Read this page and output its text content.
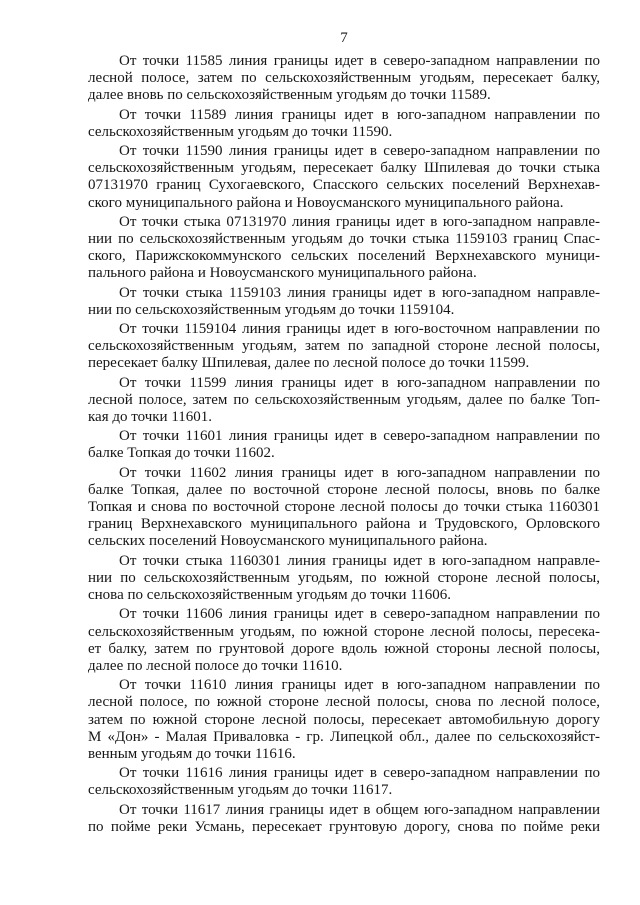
7
От точки 11585 линия границы идет в северо-западном направлении по
лесной полосе, затем по сельскохозяйственным угодьям, пересекает балку,
далее вновь по сельскохозяйственным угодьям до точки 11589.
От точки 11589 линия границы идет в юго-западном направлении по
сельскохозяйственным угодьям до точки 11590.
От точки 11590 линия границы идет в северо-западном направлении по
сельскохозяйственным угодьям, пересекает балку Шпилевая до точки стыка
07131970 границ Сухогаевского, Спасского сельских поселений Верхнехав-
ского муниципального района и Новоусманского муниципального района.
От точки стыка 07131970 линия границы идет в юго-западном направле-
нии по сельскохозяйственным угодьям до точки стыка 1159103 границ Спас-
ского, Парижскокоммунского сельских поселений Верхнехавского муници-
пального района и Новоусманского муниципального района.
От точки стыка 1159103 линия границы идет в юго-западном направле-
нии по сельскохозяйственным угодьям до точки 1159104.
От точки 1159104 линия границы идет в юго-восточном направлении по
сельскохозяйственным угодьям, затем по западной стороне лесной полосы,
пересекает балку Шпилевая, далее по лесной полосе до точки 11599.
От точки 11599 линия границы идет в юго-западном направлении по
лесной полосе, затем по сельскохозяйственным угодьям, далее по балке Топ-
кая до точки 11601.
От точки 11601 линия границы идет в северо-западном направлении по
балке Топкая до точки 11602.
От точки 11602 линия границы идет в юго-западном направлении по
балке Топкая, далее по восточной стороне лесной полосы, вновь по балке
Топкая и снова по восточной стороне лесной полосы до точки стыка 1160301
границ Верхнехавского муниципального района и Трудовского, Орловского
сельских поселений Новоусманского муниципального района.
От точки стыка 1160301 линия границы идет в юго-западном направле-
нии по сельскохозяйственным угодьям, по южной стороне лесной полосы,
снова по сельскохозяйственным угодьям до точки 11606.
От точки 11606 линия границы идет в северо-западном направлении по
сельскохозяйственным угодьям, по южной стороне лесной полосы, пересека-
ет балку, затем по грунтовой дороге вдоль южной стороны лесной полосы,
далее по лесной полосе до точки 11610.
От точки 11610 линия границы идет в юго-западном направлении по
лесной полосе, по южной стороне лесной полосы, снова по лесной полосе,
затем по южной стороне лесной полосы, пересекает автомобильную дорогу
М «Дон» - Малая Приваловка - гр. Липецкой обл., далее по сельскохозяйст-
венным угодьям до точки 11616.
От точки 11616 линия границы идет в северо-западном направлении по
сельскохозяйственным угодьям до точки 11617.
От точки 11617 линия границы идет в общем юго-западном направлении
по пойме реки Усмань, пересекает грунтовую дорогу, снова по пойме реки
